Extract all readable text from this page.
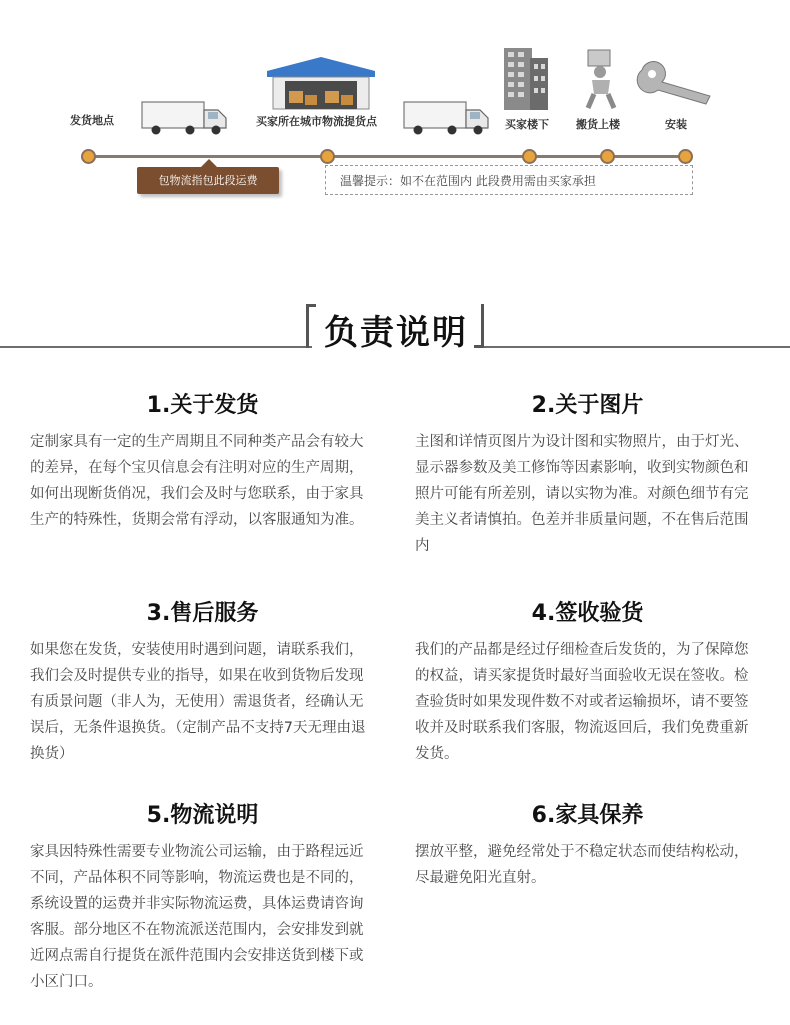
发货地点	买家所在城市物流提货点	买家楼下 搬货上楼	安装
包物流指包此段运费	温馨提示：如不在范围内 此段费用需由买家承担
负责说明
1.关于发货

定制家具有一定的生产周期且不同种类产品会有较大的差异，在每个宝贝信息会有注明对应的生产周期，如何出现断货俏况，我们会及时与您联系，由于家具生产的特殊性，货期会常有浮动，以客服通知为准。

2.关于图片

主图和详情页图片为设计图和实物照片，由于灯光、显示器参数及美工修饰等因素影响，收到实物颜色和照片可能有所差别，请以实物为准。对颜色细节有完美主义者请慎拍。色差并非质量问题，不在售后范围内

3.售后服务

如果您在发货，安装使用时遇到问题，请联系我们，我们会及时提供专业的指导，如果在收到货物后发现有质景问题（非人为，无使用）需退货者，经确认无误后，无条件退换货。（定制产品不支持7天无理由退换货）

4.签收验货

我们的产品都是经过仔细检查后发货的，为了保障您的权益，请买家提货时最好当面验收无误在签收。检查验货时如果发现件数不对或者运输损坏，请不要签收并及时联系我们客服，物流返回后，我们免费重新发货。

5.物流说明

家具因特殊性需要专业物流公司运输，由于路程远近不同，产品体积不同等影响，物流运费也是不同的，系统设置的运费并非实际物流运费，具体运费请咨询客服。部分地区不在物流派送范围内，会安排发到就近网点需自行提货在派件范围内会安排送货到楼下或小区门口。

6.家具保养

摆放平整，避免经常处于不稳定状态而使结构松动，尽最避免阳光直射。
